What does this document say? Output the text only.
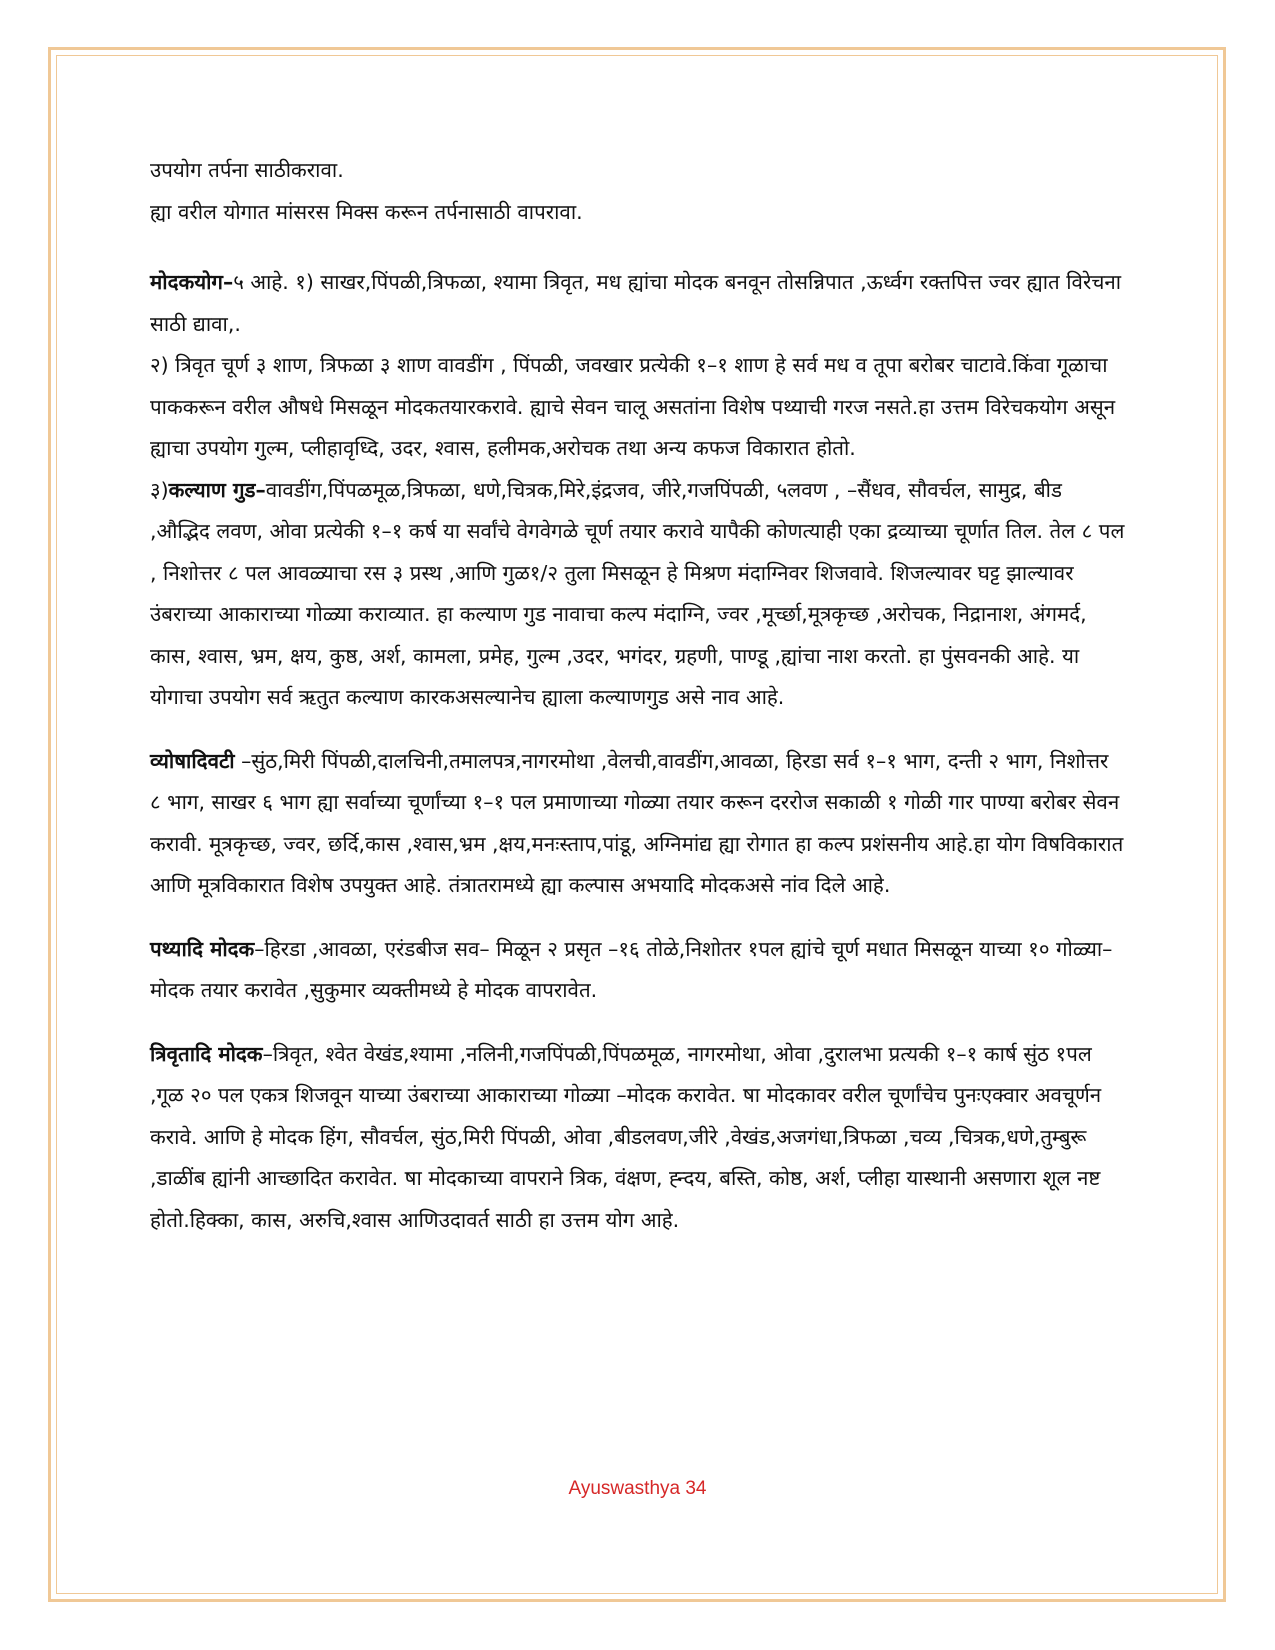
उपयोग तर्पना साठीकरावा.

ह्या वरील योगात मांसरस मिक्स करून तर्पनासाठी वापरावा.

मोदकयोग–५ आहे. १) साखर,पिंपळी,त्रिफळा, श्यामा त्रिवृत, मध ह्यांचा मोदक बनवून तोसन्निपात ,ऊर्ध्वग रक्तपित्त ज्वर ह्यात विरेचना साठी द्यावा,.

२) त्रिवृत चूर्ण ३ शाण, त्रिफळा ३ शाण वावडींग , पिंपळी, जवखार प्रत्येकी १–१ शाण हे सर्व मध व तूपा बरोबर चाटावे.किंवा गूळाचा पाककरून वरील औषधे मिसळून मोदकतयारकरावे. ह्याचे सेवन चालू असतांना विशेष पथ्याची गरज नसते.हा उत्तम विरेचकयोग असून ह्याचा उपयोग गुल्म, प्लीहावृध्दि, उदर, श्वास, हलीमक,अरोचक तथा अन्य कफज विकारात होतो.

३)कल्याण गुड–वावडींग,पिंपळमूळ,त्रिफळा, धणे,चित्रक,मिरे,इंद्रजव, जीरे,गजपिंपळी, ५लवण , –सैंधव, सौवर्चल, सामुद्र, बीड ,औद्भिद लवण, ओवा प्रत्येकी १–१ कर्ष या सर्वांचे वेगवेगळे चूर्ण तयार करावे यापैकी कोणत्याही एका द्रव्याच्या चूर्णात तिल. तेल ८ पल , निशोत्तर ८ पल आवळ्याचा रस ३ प्रस्थ ,आणि गुळ१/२ तुला मिसळून हे मिश्रण मंदाग्निवर शिजवावे. शिजल्यावर घट्ट झाल्यावर उंबराच्या आकाराच्या गोळ्या कराव्यात. हा कल्याण गुड नावाचा कल्प मंदाग्नि, ज्वर ,मूर्च्छा,मूत्रकृच्छ ,अरोचक, निद्रानाश, अंगमर्द, कास, श्वास, भ्रम, क्षय, कुष्ठ, अर्श, कामला, प्रमेह, गुल्म ,उदर, भगंदर, ग्रहणी, पाण्डू ,ह्यांचा नाश करतो. हा पुंसवनकी आहे. या योगाचा उपयोग सर्व ऋतुत कल्याण कारकअसल्यानेच ह्याला कल्याणगुड असे नाव आहे.

व्योषादिवटी –सुंठ,मिरी पिंपळी,दालचिनी,तमालपत्र,नागरमोथा ,वेलची,वावडींग,आवळा, हिरडा सर्व १–१ भाग, दन्ती २ भाग, निशोत्तर ८ भाग, साखर ६ भाग ह्या सर्वाच्या चूर्णांच्या १–१ पल प्रमाणाच्या गोळ्या तयार करून दररोज सकाळी १ गोळी गार पाण्या बरोबर सेवन करावी. मूत्रकृच्छ, ज्वर, छर्दि,कास ,श्वास,भ्रम ,क्षय,मनःस्ताप,पांडू, अग्निमांद्य ह्या रोगात हा कल्प प्रशंसनीय आहे.हा योग विषविकारात आणि मूत्रविकारात विशेष उपयुक्त आहे. तंत्रातरामध्ये ह्या कल्पास अभयादि मोदकअसे नांव दिले आहे.

पथ्यादि मोदक–हिरडा ,आवळा, एरंडबीज सव– मिळून २ प्रसृत –१६ तोळे,निशोतर १पल ह्यांचे चूर्ण मधात मिसळून याच्या १० गोळ्या– मोदक तयार करावेत ,सुकुमार व्यक्तीमध्ये हे मोदक वापरावेत.

त्रिवृतादि मोदक–त्रिवृत, श्वेत वेखंड,श्यामा ,नलिनी,गजपिंपळी,पिंपळमूळ, नागरमोथा, ओवा ,दुरालभा प्रत्यकी १–१ कार्ष सुंठ १पल ,गूळ २० पल एकत्र शिजवून याच्या उंबराच्या आकाराच्या गोळ्या –मोदक करावेत. षा मोदकावर वरील चूर्णांचेच पुनःएक्वार अवचूर्णन करावे. आणि हे मोदक हिंग, सौवर्चल, सुंठ,मिरी पिंपळी, ओवा ,बीडलवण,जीरे ,वेखंड,अजगंधा,त्रिफळा ,चव्य ,चित्रक,धणे,तुम्बुरू ,डाळींब ह्यांनी आच्छादित करावेत. षा मोदकाच्या वापराने त्रिक, वंक्षण, ह्न्दय, बस्ति, कोष्ठ, अर्श, प्लीहा यास्थानी असणारा शूल नष्ट होतो.हिक्का, कास, अरुचि,श्वास आणिउदावर्त साठी हा उत्तम योग आहे.

Ayuswasthya 34
